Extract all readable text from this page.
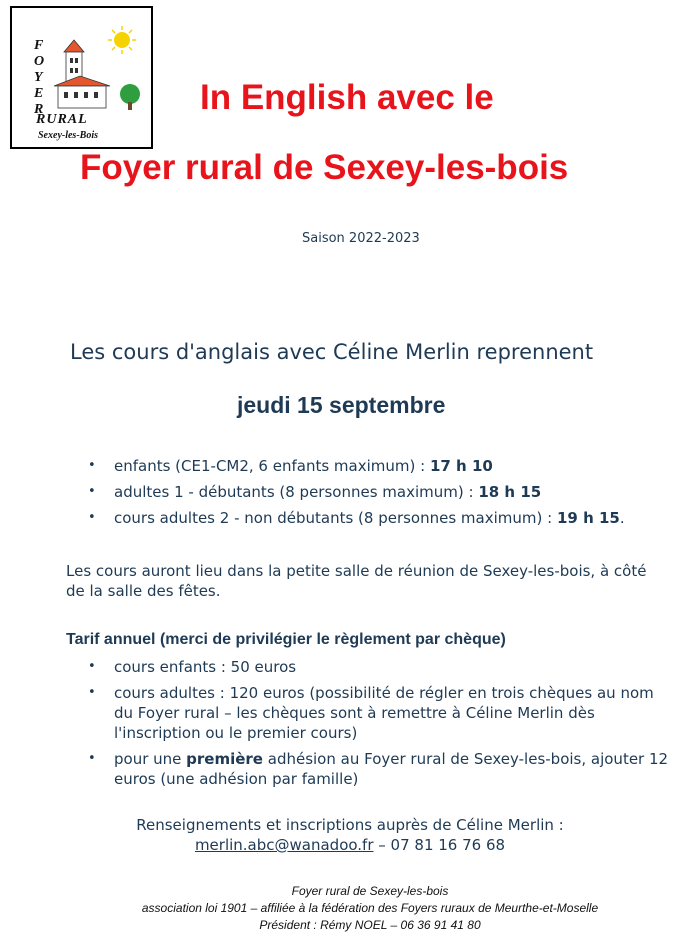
F
O
Y
E
R
RURAL
Sexey-les-Bois
In English avec le
Foyer rural de Sexey-les-bois
Saison 2022-2023
Les cours d'anglais avec Céline Merlin reprennent
jeudi 15 septembre
• enfants (CE1-CM2, 6 enfants maximum) : 17 h 10
• adultes 1 - débutants (8 personnes maximum) : 18 h 15
• cours adultes 2 - non débutants (8 personnes maximum) : 19 h 15.
Les cours auront lieu dans la petite salle de réunion de Sexey-les-bois, à côté de la salle des fêtes.
Tarif annuel (merci de privilégier le règlement par chèque)
• cours enfants : 50 euros
• cours adultes : 120 euros (possibilité de régler en trois chèques au nom du Foyer rural – les chèques sont à remettre à Céline Merlin dès l'inscription ou le premier cours)
• pour une première adhésion au Foyer rural de Sexey-les-bois, ajouter 12 euros (une adhésion par famille)
Renseignements et inscriptions auprès de Céline Merlin :
merlin.abc@wanadoo.fr – 07 81 16 76 68
Foyer rural de Sexey-les-bois
association loi 1901 – affiliée à la fédération des Foyers ruraux de Meurthe-et-Moselle
Président : Rémy NOEL – 06 36 91 41 80
